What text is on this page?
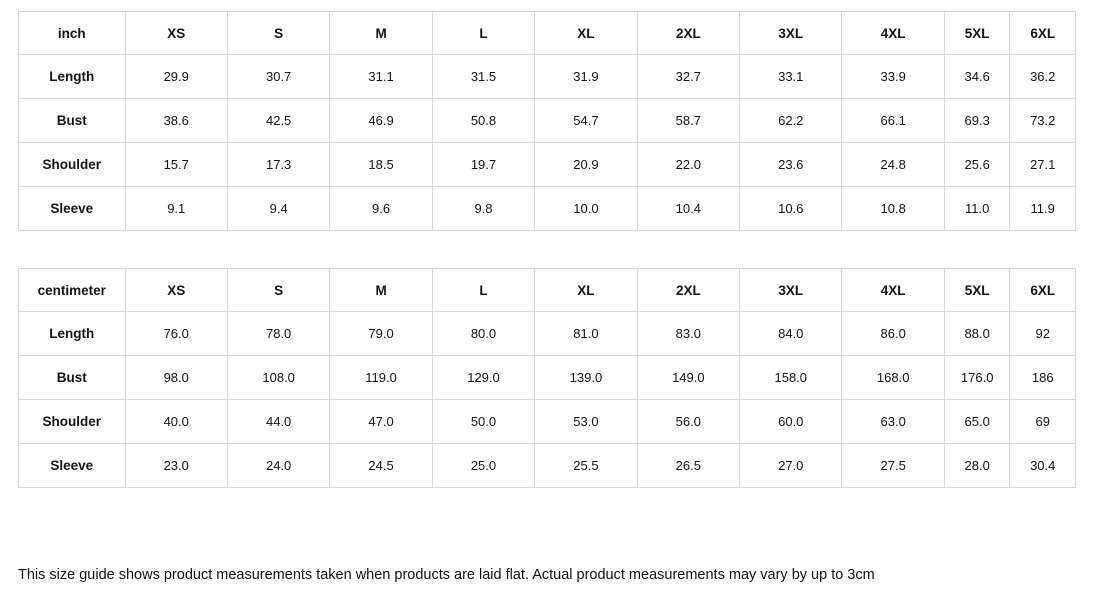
inch	XS	S	M	L	XL	2XL	3XL	4XL	5XL	6XL
Length	29.9	30.7	31.1	31.5	31.9	32.7	33.1	33.9	34.6	36.2
Bust	38.6	42.5	46.9	50.8	54.7	58.7	62.2	66.1	69.3	73.2
Shoulder	15.7	17.3	18.5	19.7	20.9	22.0	23.6	24.8	25.6	27.1
Sleeve	9.1	9.4	9.6	9.8	10.0	10.4	10.6	10.8	11.0	11.9
centimeter	XS	S	M	L	XL	2XL	3XL	4XL	5XL	6XL
Length	76.0	78.0	79.0	80.0	81.0	83.0	84.0	86.0	88.0	92
Bust	98.0	108.0	119.0	129.0	139.0	149.0	158.0	168.0	176.0	186
Shoulder	40.0	44.0	47.0	50.0	53.0	56.0	60.0	63.0	65.0	69
Sleeve	23.0	24.0	24.5	25.0	25.5	26.5	27.0	27.5	28.0	30.4
This size guide shows product measurements taken when products are laid flat. Actual product measurements may vary by up to 3cm
